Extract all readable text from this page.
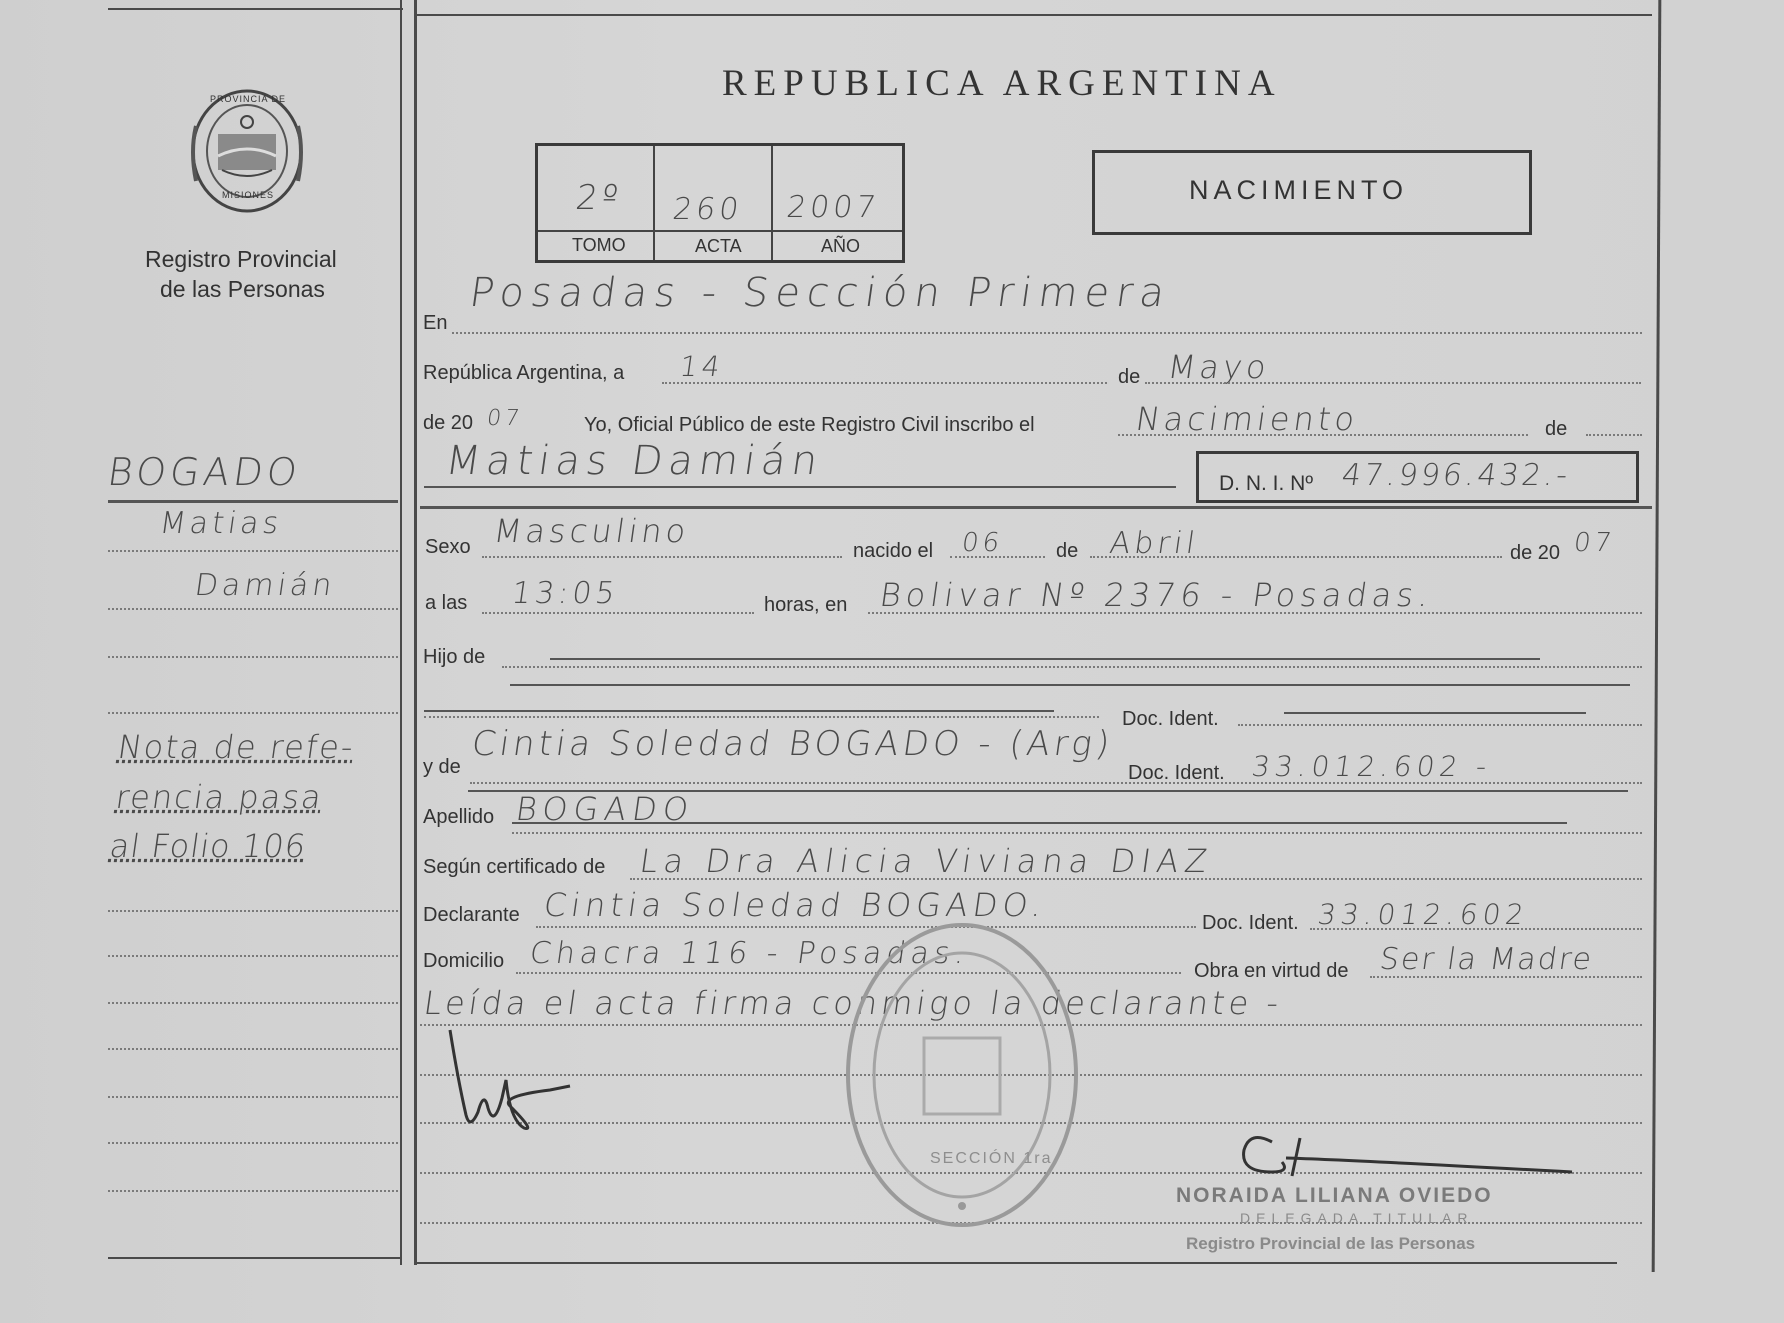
PROVINCIA DE
MISIONES
Registro Provincial
de las Personas
REPUBLICA ARGENTINA
2º 260 2007
TOMO	ACTA	AÑO
NACIMIENTO
BOGADO
Matias
Damián
Nota de refe-
rencia pasa
al Folio 106
En
Posadas - Sección Primera
República Argentina, a 14	de Mayo
de 20 07	Yo, Oficial Público de este Registro Civil inscribo el	Nacimiento	de
Matias Damián	D. N. I. Nº 47.996.432.-
Sexo Masculino
nacido el 06	de Abril	de 20 07
a las 13:05	horas, en Bolivar Nº 2376 - Posadas.
Hijo de
Doc. Ident.
y de
Cintia Soledad BOGADO - (Arg)
Doc. Ident. 33.012.602 -
Apellido BOGADO
Según certificado de La Dra Alicia Viviana DIAZ
Declarante Cintia Soledad BOGADO.	Doc. Ident. 33.012.602
Domicilio Chacra 116 - Posadas.	Obra en virtud de Ser la Madre
Leída el acta firma conmigo la declarante -
SECCIÓN 1ra
NORAIDA LILIANA OVIEDO
DELEGADA TITULAR
Registro Provincial de las Personas
